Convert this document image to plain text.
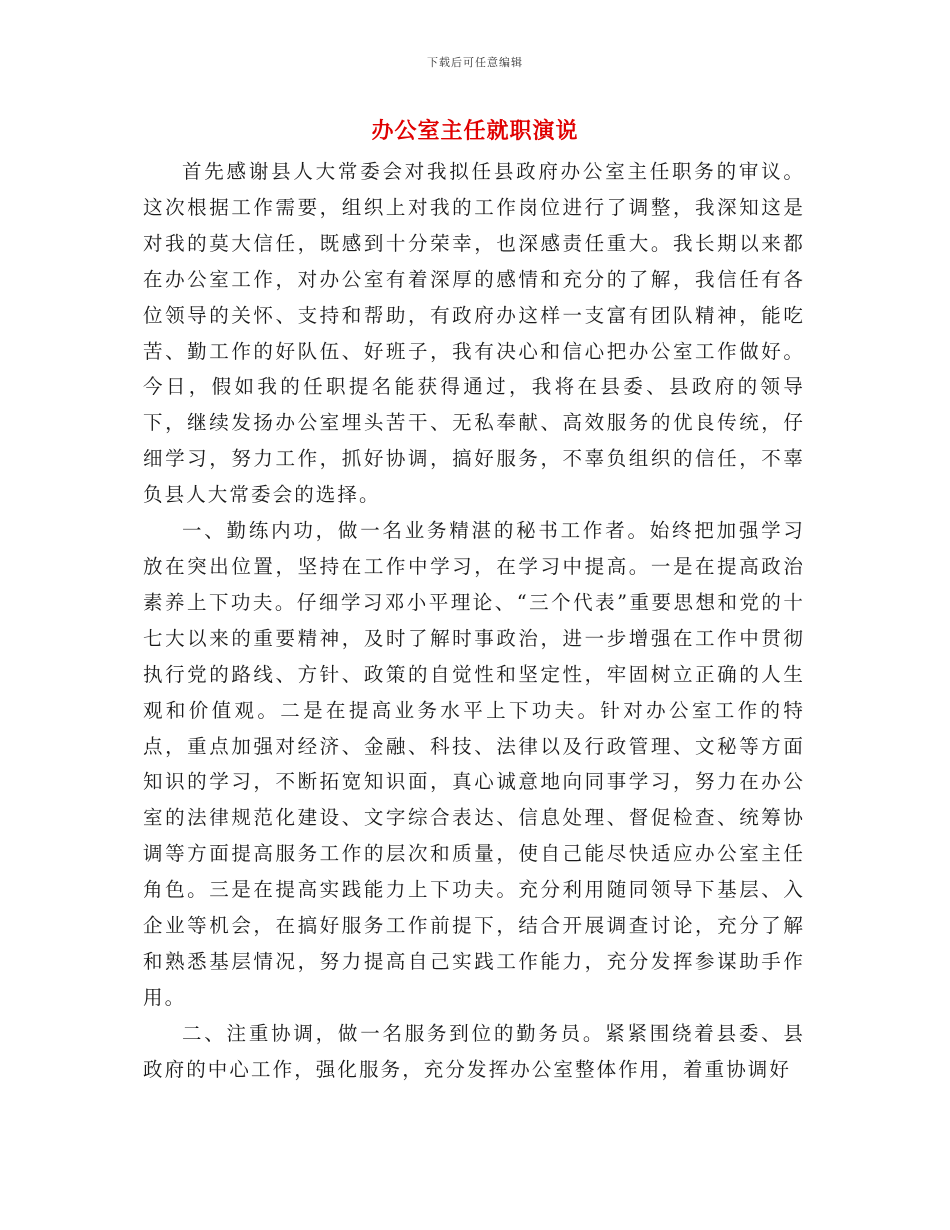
下载后可任意编辑
办公室主任就职演说

首先感谢县人大常委会对我拟任县政府办公室主任职务的审议。这次根据工作需要，组织上对我的工作岗位进行了调整，我深知这是对我的莫大信任，既感到十分荣幸，也深感责任重大。我长期以来都在办公室工作，对办公室有着深厚的感情和充分的了解，我信任有各位领导的关怀、支持和帮助，有政府办这样一支富有团队精神，能吃苦、勤工作的好队伍、好班子，我有决心和信心把办公室工作做好。今日，假如我的任职提名能获得通过，我将在县委、县政府的领导下，继续发扬办公室埋头苦干、无私奉献、高效服务的优良传统，仔细学习，努力工作，抓好协调，搞好服务，不辜负组织的信任，不辜负县人大常委会的选择。

一、勤练内功，做一名业务精湛的秘书工作者。始终把加强学习放在突出位置，坚持在工作中学习，在学习中提高。一是在提高政治素养上下功夫。仔细学习邓小平理论、“三个代表”重要思想和党的十七大以来的重要精神，及时了解时事政治，进一步增强在工作中贯彻执行党的路线、方针、政策的自觉性和坚定性，牢固树立正确的人生观和价值观。二是在提高业务水平上下功夫。针对办公室工作的特点，重点加强对经济、金融、科技、法律以及行政管理、文秘等方面知识的学习，不断拓宽知识面，真心诚意地向同事学习，努力在办公室的法律规范化建设、文字综合表达、信息处理、督促检查、统筹协调等方面提高服务工作的层次和质量，使自己能尽快适应办公室主任角色。三是在提高实践能力上下功夫。充分利用随同领导下基层、入企业等机会，在搞好服务工作前提下，结合开展调查讨论，充分了解和熟悉基层情况，努力提高自己实践工作能力，充分发挥参谋助手作用。

二、注重协调，做一名服务到位的勤务员。紧紧围绕着县委、县政府的中心工作，强化服务，充分发挥办公室整体作用，着重协调好
